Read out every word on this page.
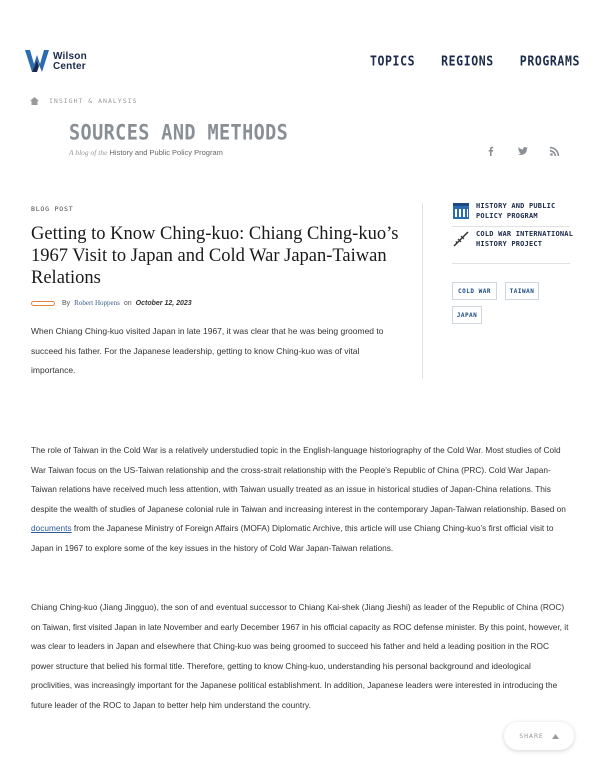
Wilson
Center	TOPICS REGIONS PROGRAMS
INSIGHT & ANALYSIS
SOURCES AND METHODS
A blog of the History and Public Policy Program
BLOG POST
Getting to Know Ching-kuo: Chiang Ching-kuo’s 1967 Visit to Japan and Cold War Japan-Taiwan Relations
By Robert Hoppens on October 12, 2023

When Chiang Ching-kuo visited Japan in late 1967, it was clear that he was being groomed to succeed his father. For the Japanese leadership, getting to know Ching-kuo was of vital importance.

HISTORY AND PUBLIC POLICY PROGRAM
COLD WAR INTERNATIONAL HISTORY PROJECT
COLD WAR	TAIWAN
JAPAN

The role of Taiwan in the Cold War is a relatively understudied topic in the English-language historiography of the Cold War. Most studies of Cold War Taiwan focus on the US-Taiwan relationship and the cross-strait relationship with the People’s Republic of China (PRC). Cold War Japan-Taiwan relations have received much less attention, with Taiwan usually treated as an issue in historical studies of Japan-China relations. This despite the wealth of studies of Japanese colonial rule in Taiwan and increasing interest in the contemporary Japan-Taiwan relationship. Based on documents from the Japanese Ministry of Foreign Affairs (MOFA) Diplomatic Archive, this article will use Chiang Ching-kuo’s first official visit to Japan in 1967 to explore some of the key issues in the history of Cold War Japan-Taiwan relations.

Chiang Ching-kuo (Jiang Jingguo), the son of and eventual successor to Chiang Kai-shek (Jiang Jieshi) as leader of the Republic of China (ROC) on Taiwan, first visited Japan in late November and early December 1967 in his official capacity as ROC defense minister. By this point, however, it was clear to leaders in Japan and elsewhere that Ching-kuo was being groomed to succeed his father and held a leading position in the ROC power structure that belied his formal title. Therefore, getting to know Ching-kuo, understanding his personal background and ideological proclivities, was increasingly important for the Japanese political establishment. In addition, Japanese leaders were interested in introducing the future leader of the ROC to Japan to better help him understand the country.

SHARE
